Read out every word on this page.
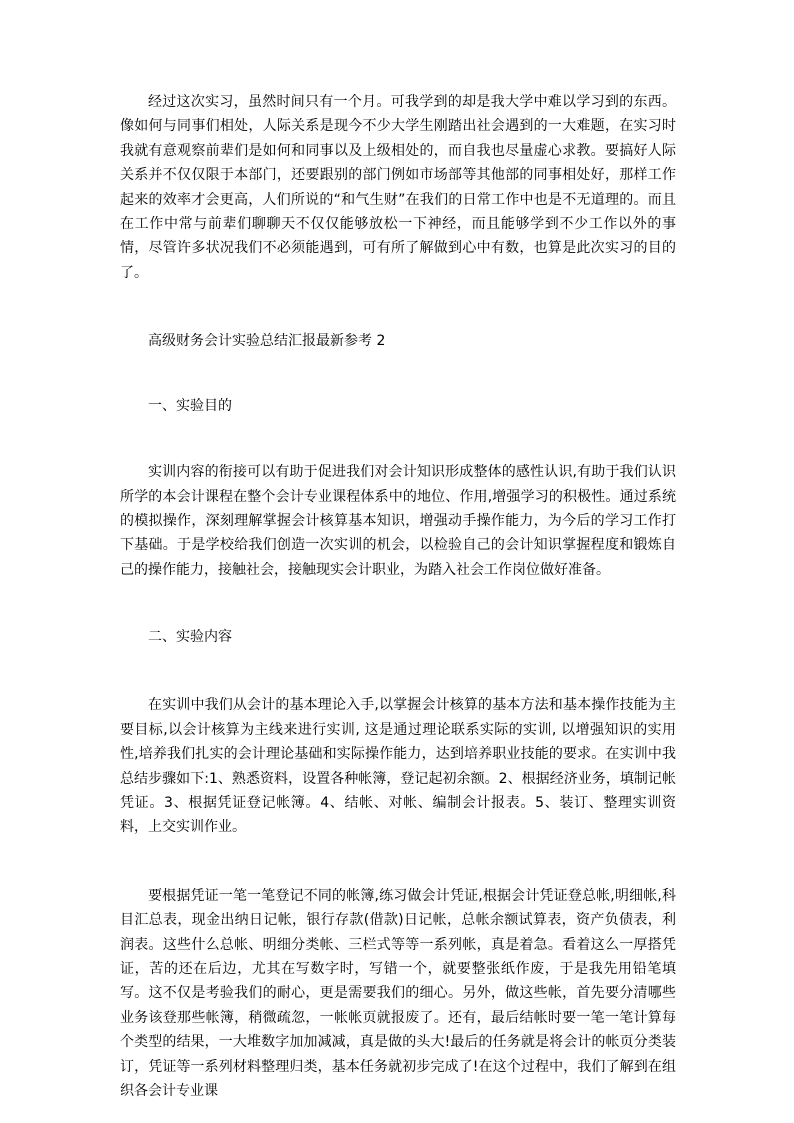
经过这次实习，虽然时间只有一个月。可我学到的却是我大学中难以学习到的东西。像如何与同事们相处，人际关系是现今不少大学生刚踏出社会遇到的一大难题，在实习时我就有意观察前辈们是如何和同事以及上级相处的，而自我也尽量虚心求教。要搞好人际关系并不仅仅限于本部门，还要跟别的部门例如市场部等其他部的同事相处好，那样工作起来的效率才会更高，人们所说的“和气生财”在我们的日常工作中也是不无道理的。而且在工作中常与前辈们聊聊天不仅仅能够放松一下神经，而且能够学到不少工作以外的事情，尽管许多状况我们不必须能遇到，可有所了解做到心中有数，也算是此次实习的目的了。

高级财务会计实验总结汇报最新参考 2

一、实验目的

实训内容的衔接可以有助于促进我们对会计知识形成整体的感性认识,有助于我们认识所学的本会计课程在整个会计专业课程体系中的地位、作用,增强学习的积极性。通过系统的模拟操作，深刻理解掌握会计核算基本知识，增强动手操作能力，为今后的学习工作打下基础。于是学校给我们创造一次实训的机会，以检验自己的会计知识掌握程度和锻炼自己的操作能力，接触社会，接触现实会计职业，为踏入社会工作岗位做好准备。

二、实验内容

在实训中我们从会计的基本理论入手,以掌握会计核算的基本方法和基本操作技能为主要目标,以会计核算为主线来进行实训, 这是通过理论联系实际的实训, 以增强知识的实用性,培养我们扎实的会计理论基础和实际操作能力，达到培养职业技能的要求。在实训中我总结步骤如下:1、熟悉资料，设置各种帐簿，登记起初余额。2、根据经济业务，填制记帐凭证。3、根据凭证登记帐簿。4、结帐、对帐、编制会计报表。5、装订、整理实训资料，上交实训作业。

要根据凭证一笔一笔登记不同的帐簿,练习做会计凭证,根据会计凭证登总帐,明细帐,科目汇总表，现金出纳日记帐，银行存款(借款)日记帐，总帐余额试算表，资产负债表，利润表。这些什么总帐、明细分类帐、三栏式等等一系列帐，真是着急。看着这么一厚搭凭证，苦的还在后边，尤其在写数字时，写错一个，就要整张纸作废，于是我先用铅笔填写。这不仅是考验我们的耐心，更是需要我们的细心。另外，做这些帐，首先要分清哪些业务该登那些帐簿，稍微疏忽，一帐帐页就报废了。还有，最后结帐时要一笔一笔计算每个类型的结果，一大堆数字加加减减，真是做的头大!最后的任务就是将会计的帐页分类装订，凭证等一系列材料整理归类，基本任务就初步完成了!在这个过程中，我们了解到在组织各会计专业课
